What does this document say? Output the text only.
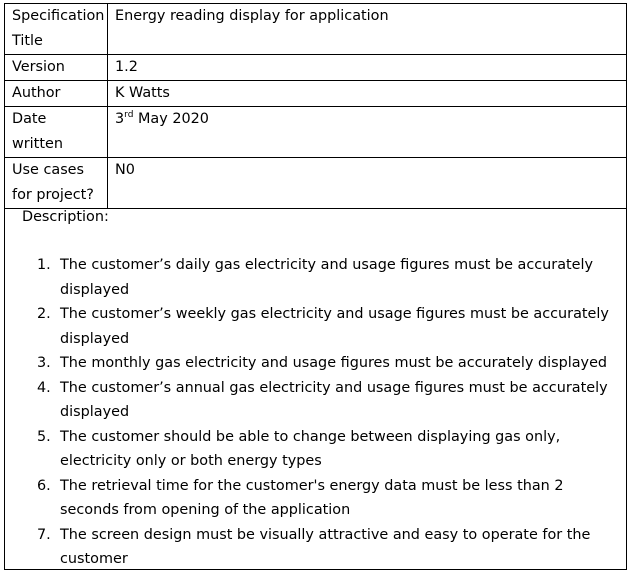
Specification Title	Energy reading display for application
Version	1.2
Author	K Watts
Date written	3rd May 2020
Use cases for project?	N0
Description:
1. The customer’s daily gas electricity and usage figures must be accurately displayed
2. The customer’s weekly gas electricity and usage figures must be accurately displayed
3. The monthly gas electricity and usage figures must be accurately displayed
4. The customer’s annual gas electricity and usage figures must be accurately displayed
5. The customer should be able to change between displaying gas only, electricity only or both energy types
6. The retrieval time for the customer's energy data must be less than 2 seconds from opening of the application
7. The screen design must be visually attractive and easy to operate for the customer
